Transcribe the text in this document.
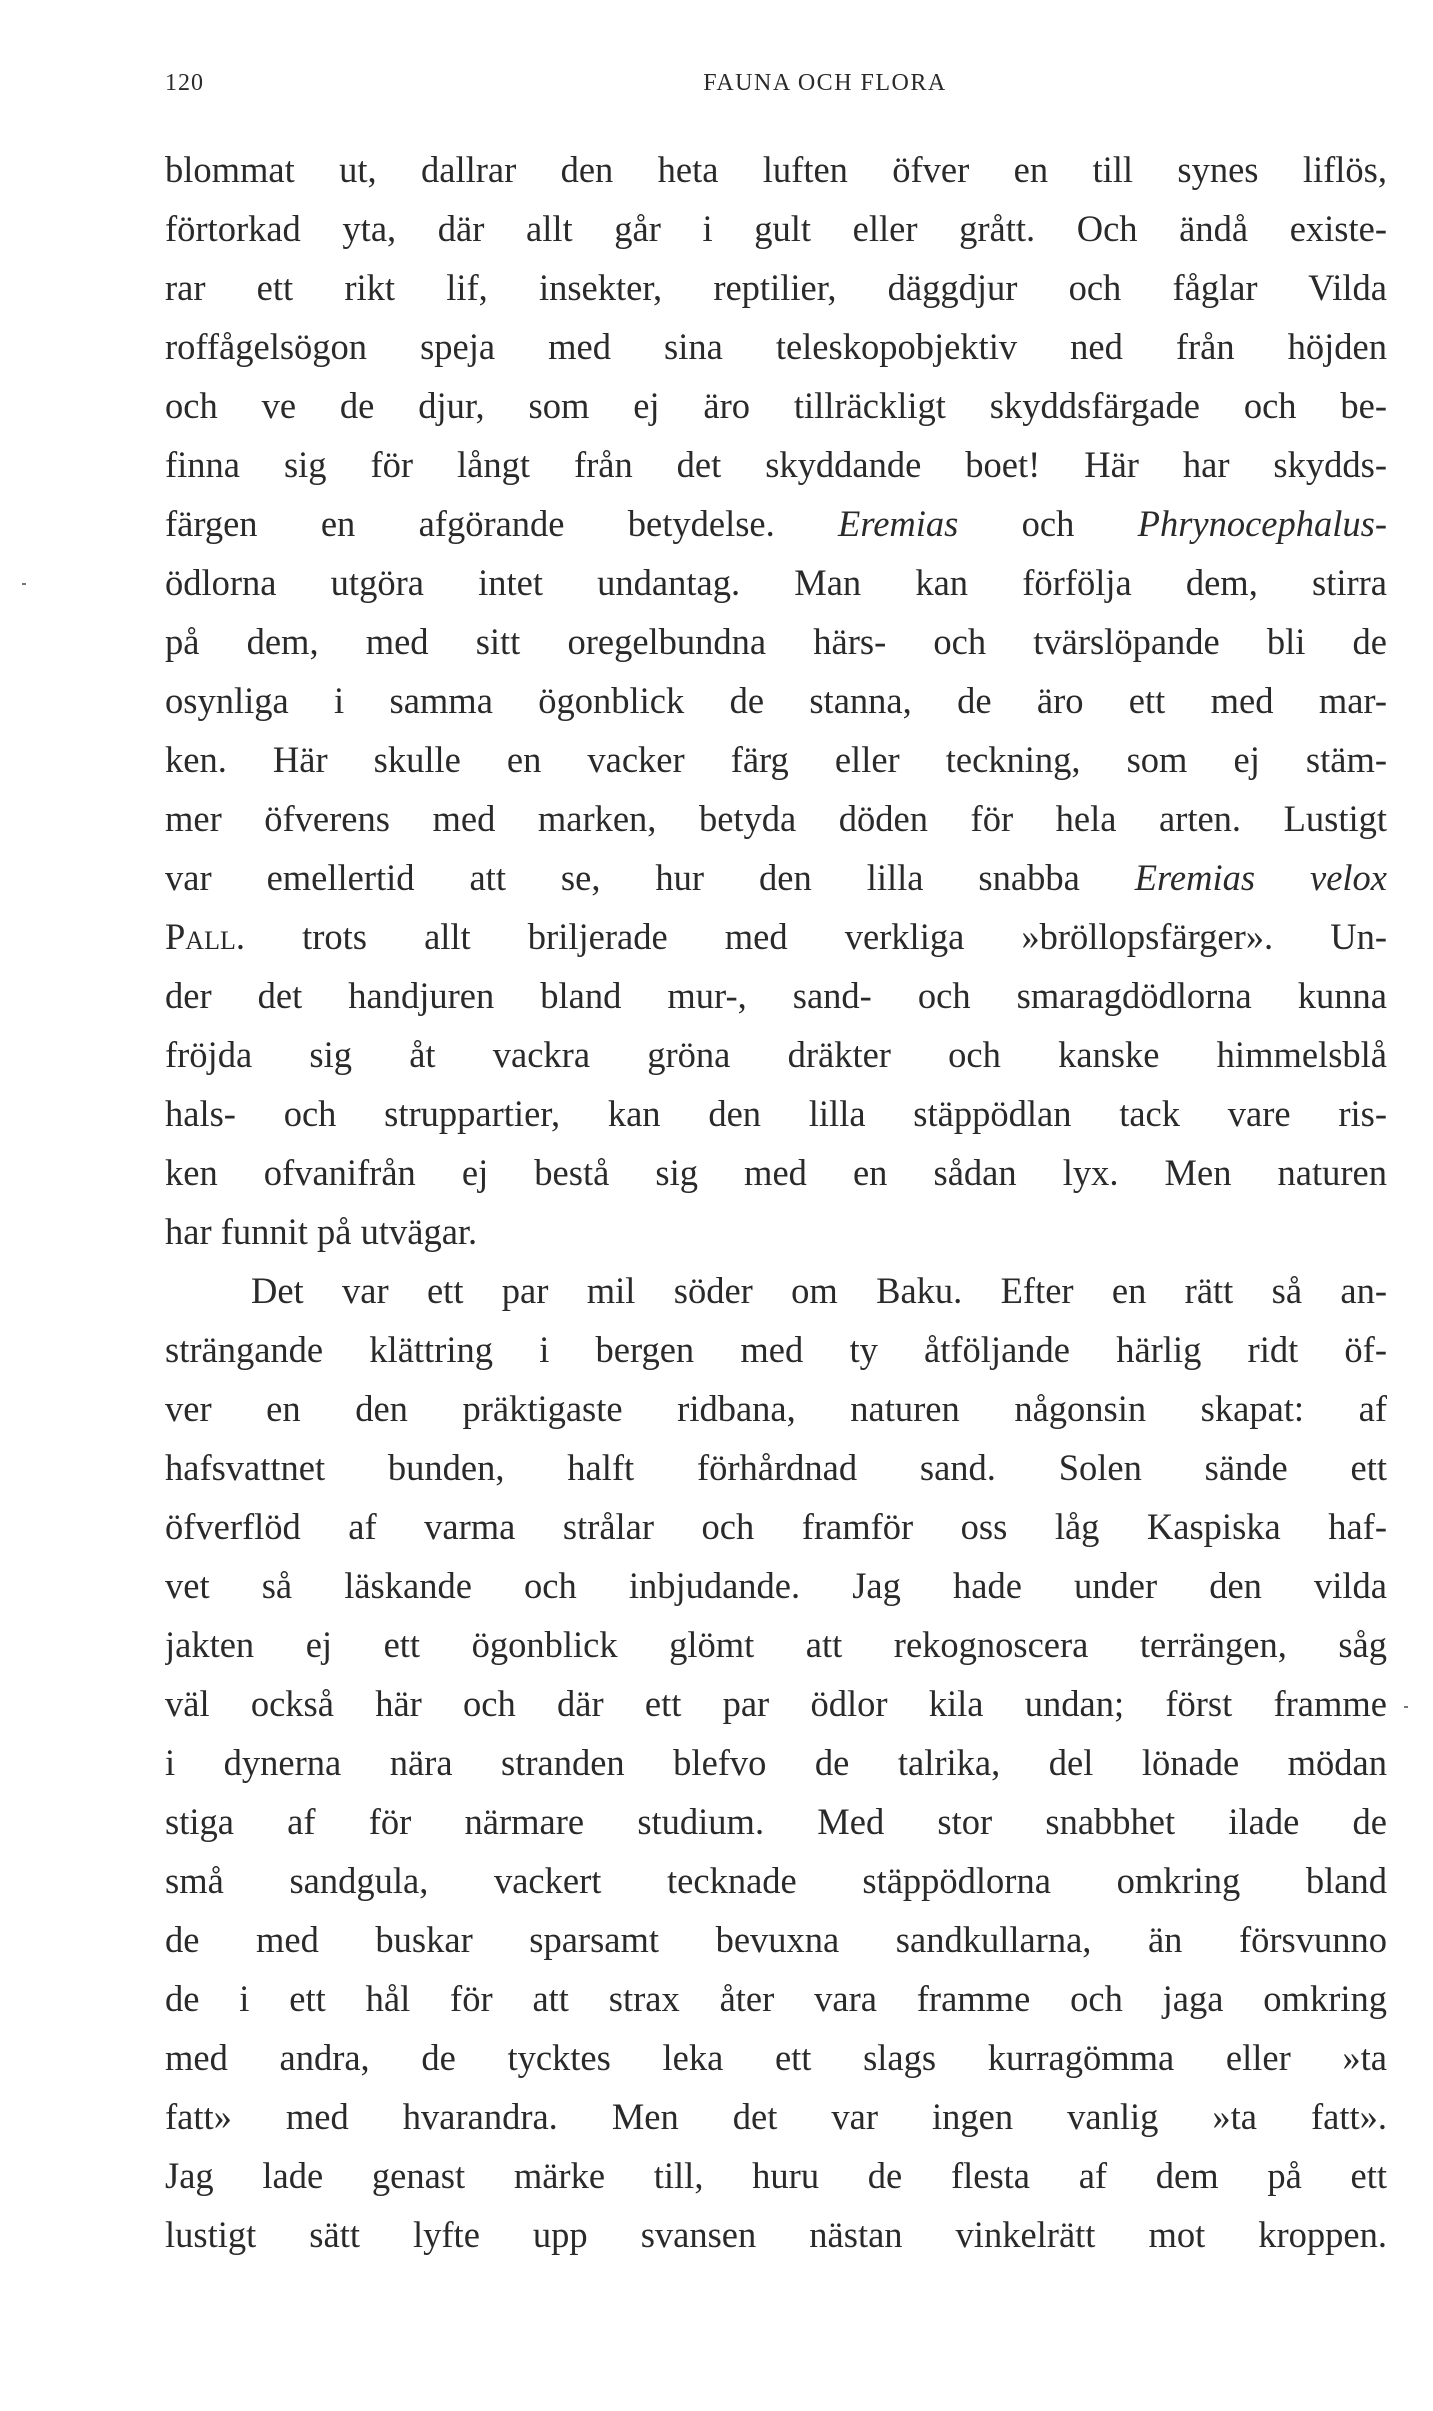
120	FAUNA OCH FLORA
blommat ut, dallrar den heta luften öfver en till synes liflös,
förtorkad yta, där allt går i gult eller grått. Och ändå existe-
rar ett rikt lif, insekter, reptilier, däggdjur och fåglar Vilda
roffågelsögon speja med sina teleskopobjektiv ned från höjden
och ve de djur, som ej äro tillräckligt skyddsfärgade och be-
finna sig för långt från det skyddande boet! Här har skydds-
färgen en afgörande betydelse. Eremias och Phrynocephalus-
ödlorna utgöra intet undantag. Man kan förfölja dem, stirra
på dem, med sitt oregelbundna härs- och tvärslöpande bli de
osynliga i samma ögonblick de stanna, de äro ett med mar-
ken. Här skulle en vacker färg eller teckning, som ej stäm-
mer öfverens med marken, betyda döden för hela arten. Lustigt
var emellertid att se, hur den lilla snabba Eremias velox
Pall. trots allt briljerade med verkliga »bröllopsfärger». Un-
der det handjuren bland mur-, sand- och smaragdödlorna kunna
fröjda sig åt vackra gröna dräkter och kanske himmelsblå
hals- och struppartier, kan den lilla stäppödlan tack vare ris-
ken ofvanifrån ej bestå sig med en sådan lyx. Men naturen
har funnit på utvägar.
Det var ett par mil söder om Baku. Efter en rätt så an-
strängande klättring i bergen med ty åtföljande härlig ridt öf-
ver en den präktigaste ridbana, naturen någonsin skapat: af
hafsvattnet bunden, halft förhårdnad sand. Solen sände ett
öfverflöd af varma strålar och framför oss låg Kaspiska haf-
vet så läskande och inbjudande. Jag hade under den vilda
jakten ej ett ögonblick glömt att rekognoscera terrängen, såg
väl också här och där ett par ödlor kila undan; först framme
i dynerna nära stranden blefvo de talrika, del lönade mödan
stiga af för närmare studium. Med stor snabbhet ilade de
små sandgula, vackert tecknade stäppödlorna omkring bland
de med buskar sparsamt bevuxna sandkullarna, än försvunno
de i ett hål för att strax åter vara framme och jaga omkring
med andra, de tycktes leka ett slags kurragömma eller »ta
fatt» med hvarandra. Men det var ingen vanlig »ta fatt».
Jag lade genast märke till, huru de flesta af dem på ett
lustigt sätt lyfte upp svansen nästan vinkelrätt mot kroppen.
